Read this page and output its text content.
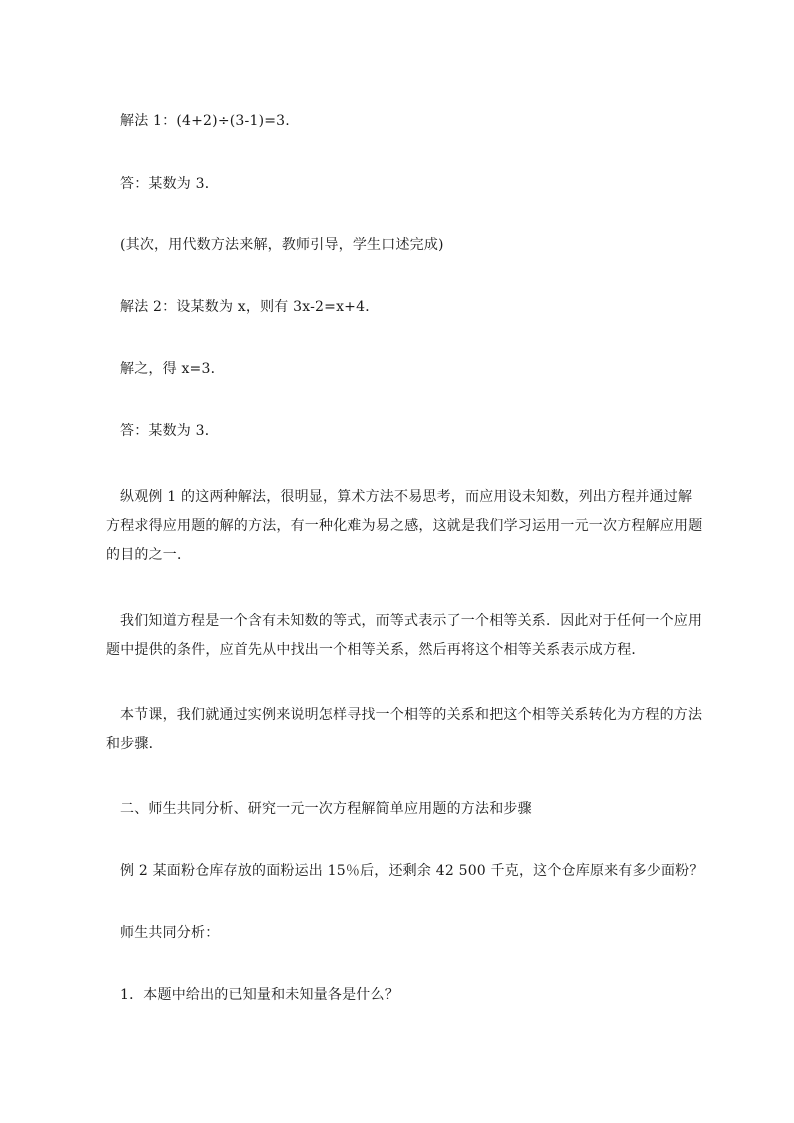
解法 1：(4+2)÷(3-1)=3.

答：某数为 3．

(其次，用代数方法来解，教师引导，学生口述完成)

解法 2：设某数为 x，则有 3x-2=x+4．

解之，得 x=3．

答：某数为 3．

纵观例 1 的这两种解法，很明显，算术方法不易思考，而应用设未知数，列出方程并通过解方程求得应用题的解的方法，有一种化难为易之感，这就是我们学习运用一元一次方程解应用题的目的之一．

我们知道方程是一个含有未知数的等式，而等式表示了一个相等关系．因此对于任何一个应用题中提供的条件，应首先从中找出一个相等关系，然后再将这个相等关系表示成方程．

本节课，我们就通过实例来说明怎样寻找一个相等的关系和把这个相等关系转化为方程的方法和步骤．

二、师生共同分析、研究一元一次方程解简单应用题的方法和步骤

例 2 某面粉仓库存放的面粉运出 15％后，还剩余 42 500 千克，这个仓库原来有多少面粉？

师生共同分析：

1．本题中给出的已知量和未知量各是什么？
